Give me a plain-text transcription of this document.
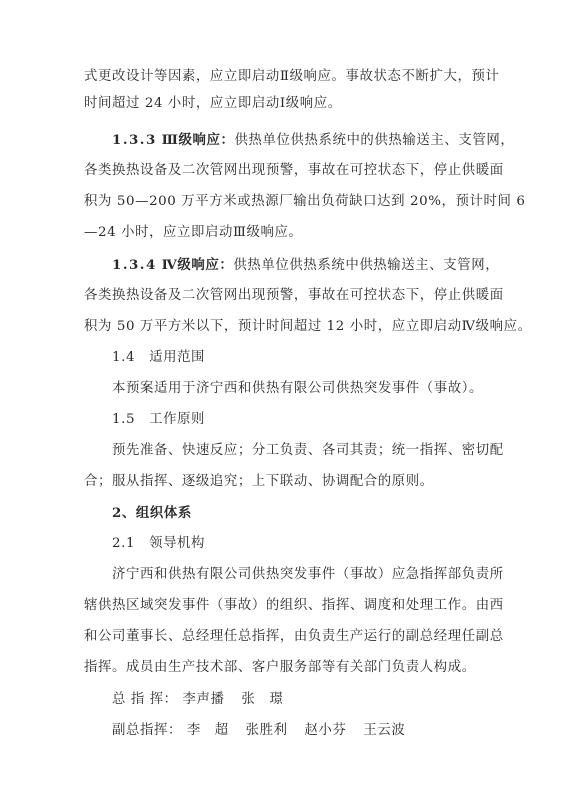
式更改设计等因素，应立即启动Ⅱ级响应。事故状态不断扩大，预计
时间超过 24 小时，应立即启动Ⅰ级响应。
1.3.3 Ⅲ级响应：供热单位供热系统中的供热输送主、支管网，
各类换热设备及二次管网出现预警，事故在可控状态下，停止供暖面
积为 50—200 万平方米或热源厂输出负荷缺口达到 20%，预计时间 6
—24 小时，应立即启动Ⅲ级响应。
1.3.4 Ⅳ级响应：供热单位供热系统中供热输送主、支管网，
各类换热设备及二次管网出现预警，事故在可控状态下，停止供暖面
积为 50 万平方米以下，预计时间超过 12 小时，应立即启动Ⅳ级响应。
1.4　适用范围
本预案适用于济宁西和供热有限公司供热突发事件（事故）。
1.5　工作原则
预先准备、快速反应；分工负责、各司其责；统一指挥、密切配
合；服从指挥、逐级追究；上下联动、协调配合的原则。
2、组织体系
2.1　领导机构
济宁西和供热有限公司供热突发事件（事故）应急指挥部负责所
辖供热区域突发事件（事故）的组织、指挥、调度和处理工作。由西
和公司董事长、总经理任总指挥，由负责生产运行的副总经理任副总
指挥。成员由生产技术部、客户服务部等有关部门负责人构成。
总 指 挥： 李声播 张　璟
副总指挥： 李　超 张胜利 赵小芬 王云波
